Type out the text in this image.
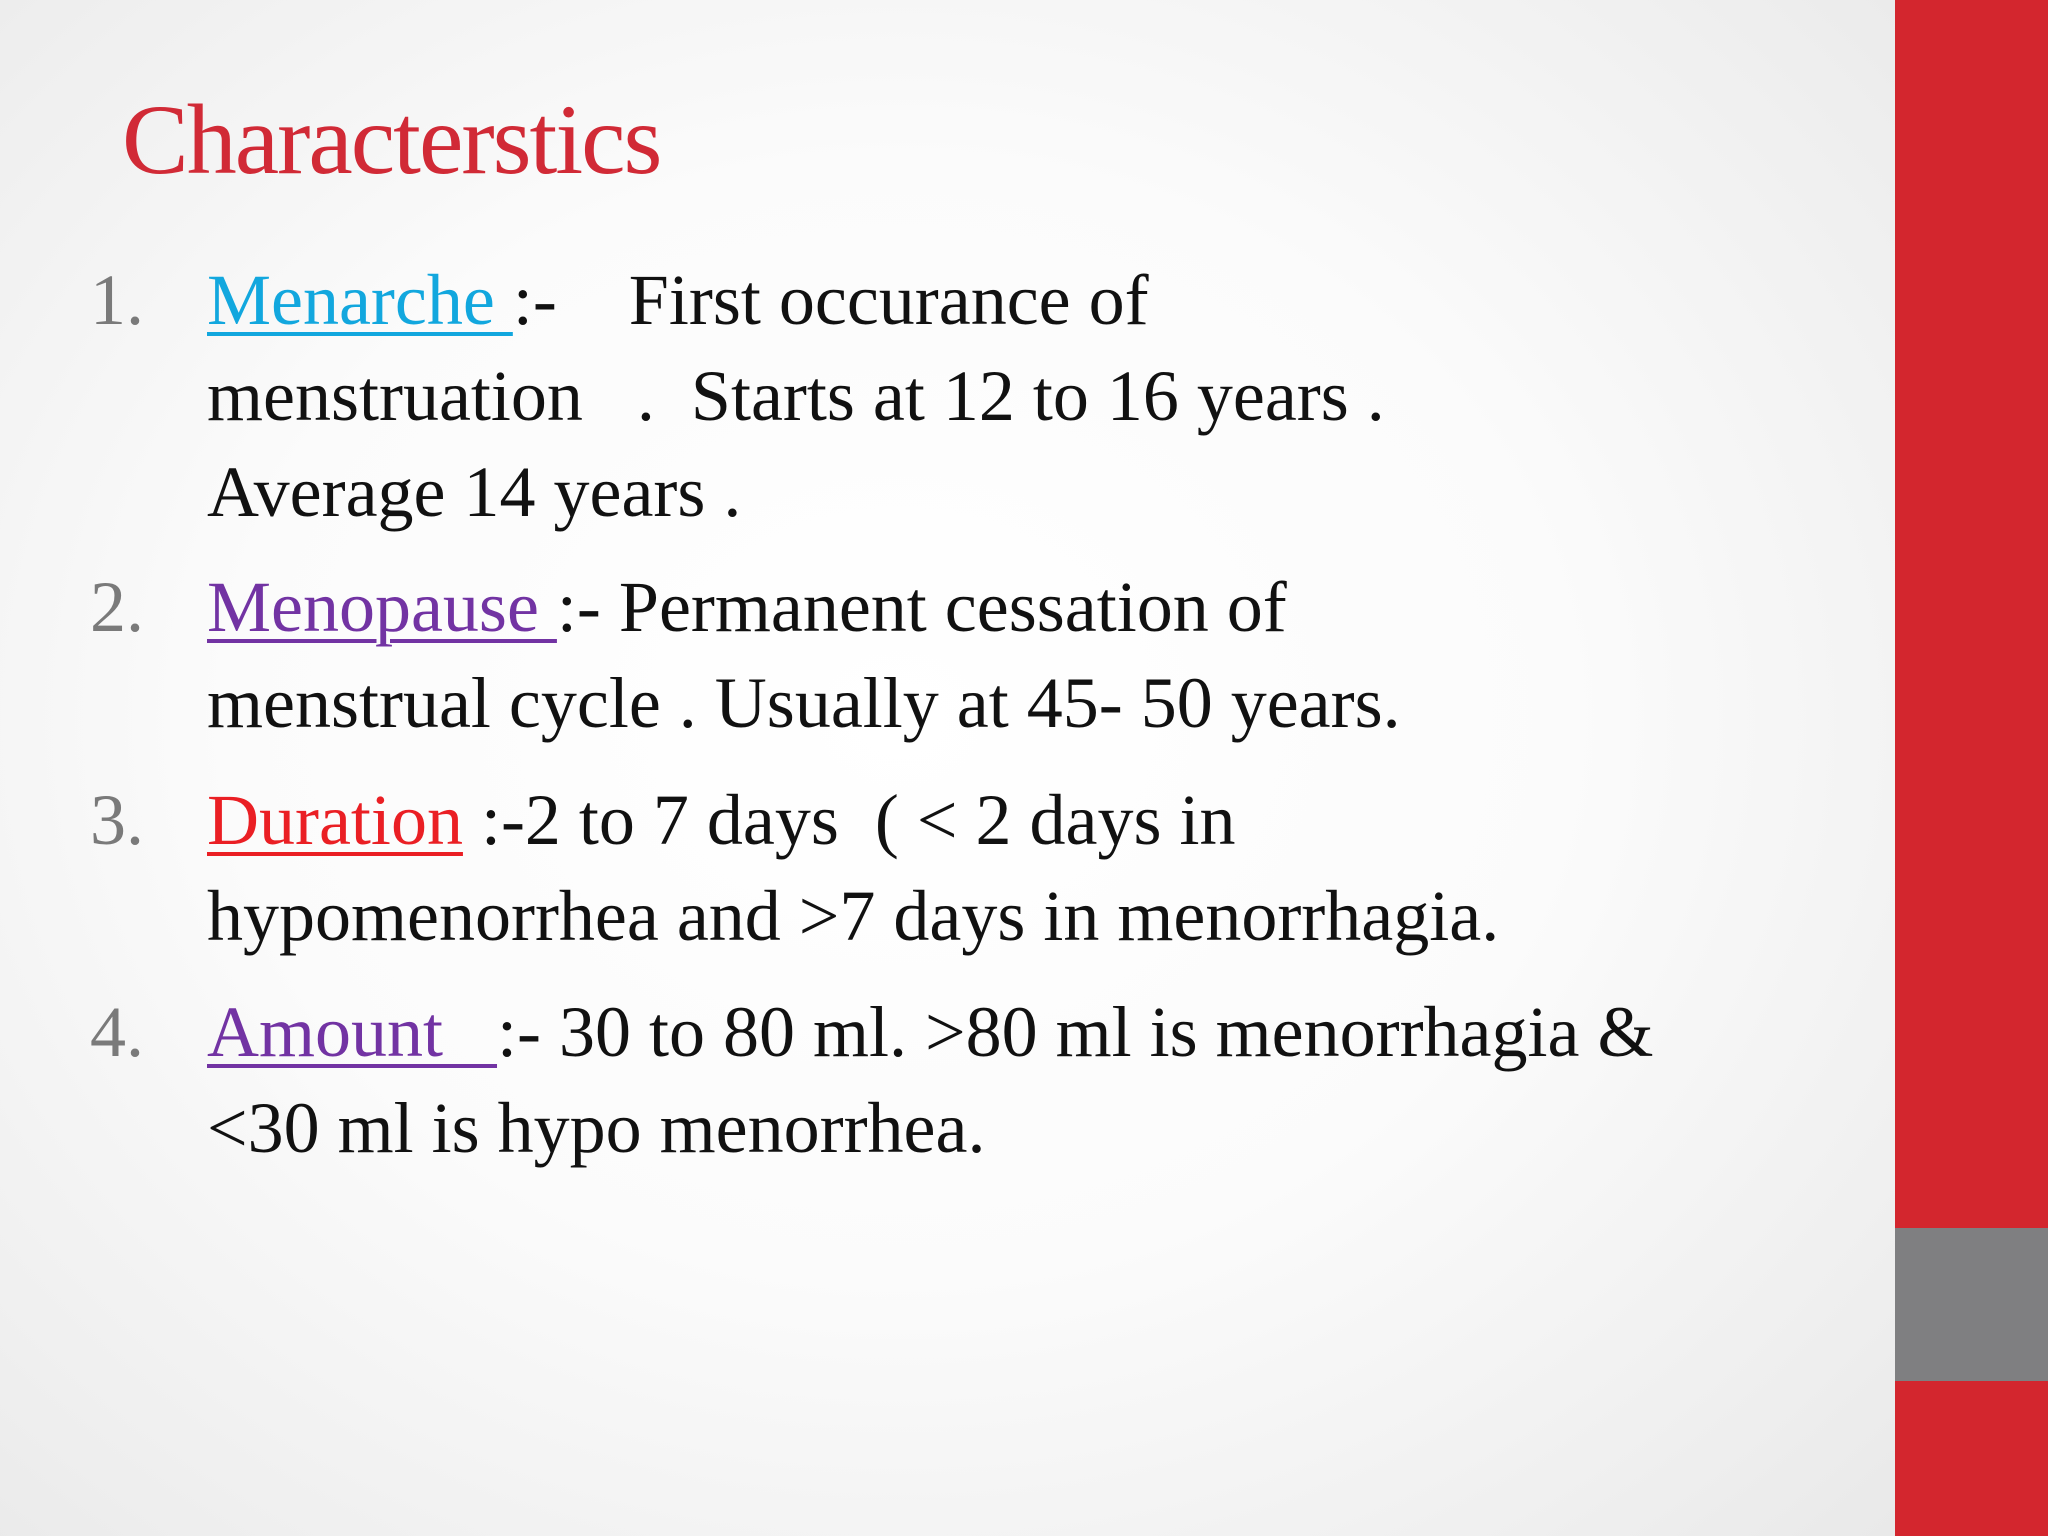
Characterstics
1. Menarche :-    First occurance of
menstruation   .  Starts at 12 to 16 years .
Average 14 years .
2. Menopause :- Permanent cessation of
menstrual cycle . Usually at 45- 50 years.
3. Duration :-2 to 7 days  ( < 2 days in
hypomenorrhea and >7 days in menorrhagia.
4. Amount   :- 30 to 80 ml. >80 ml is menorrhagia &
<30 ml is hypo menorrhea.
